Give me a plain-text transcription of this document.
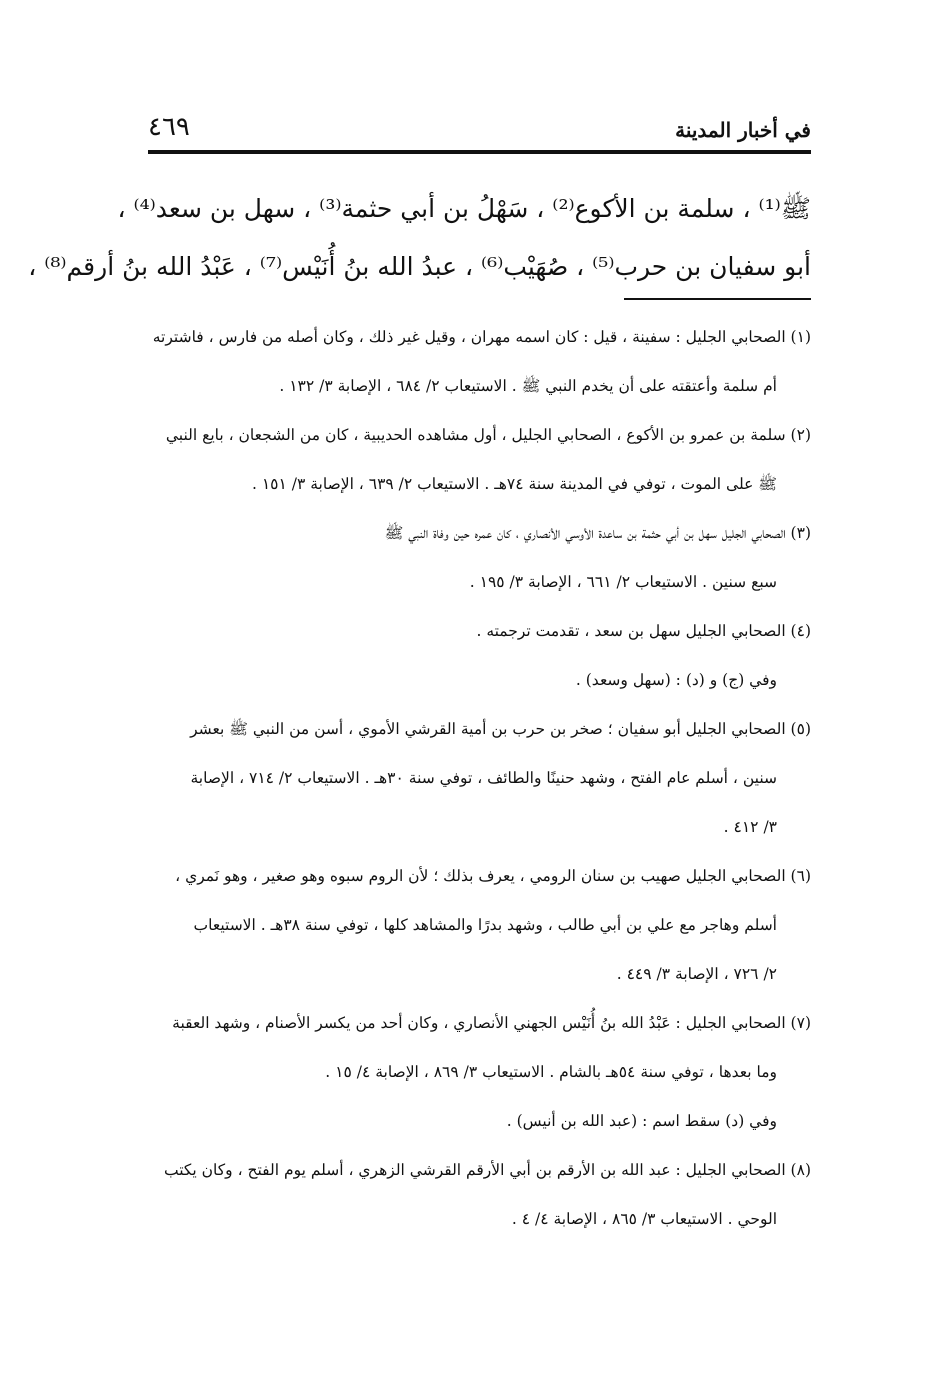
في أخبار المدينة
٤٦٩
ﷺ⁽¹⁾ ، سلمة بن الأكوع⁽²⁾ ، سَهْلُ بن أبي حثمة⁽³⁾ ، سهل بن سعد⁽⁴⁾ ،
أبو سفيان بن حرب⁽⁵⁾ ، صُهَيْب⁽⁶⁾ ، عبدُ الله بنُ أُنَيْس⁽⁷⁾ ، عَبْدُ الله بنُ أرقم⁽⁸⁾ ،
(١) الصحابي الجليل : سفينة ، قيل : كان اسمه مهران ، وقيل غير ذلك ، وكان أصله من فارس ، فاشترته
أم سلمة وأعتقته على أن يخدم النبي ﷺ . الاستيعاب ٢/ ٦٨٤ ، الإصابة ٣/ ١٣٢ .
(٢) سلمة بن عمرو بن الأكوع ، الصحابي الجليل ، أول مشاهده الحديبية ، كان من الشجعان ، بايع النبي
ﷺ على الموت ، توفي في المدينة سنة ٧٤هـ . الاستيعاب ٢/ ٦٣٩ ، الإصابة ٣/ ١٥١ .
(٣) الصحابي الجليل سهل بن أبي حثمة بن ساعدة الأوسي الأنصاري ، كان عمره حين وفاة النبي ﷺ
سبع سنين . الاستيعاب ٢/ ٦٦١ ، الإصابة ٣/ ١٩٥ .
(٤) الصحابي الجليل سهل بن سعد ، تقدمت ترجمته .
وفي (ج) و (د) : (سهل وسعد) .
(٥) الصحابي الجليل أبو سفيان ؛ صخر بن حرب بن أمية القرشي الأموي ، أسن من النبي ﷺ بعشر
سنين ، أسلم عام الفتح ، وشهد حنينًا والطائف ، توفي سنة ٣٠هـ . الاستيعاب ٢/ ٧١٤ ، الإصابة
٣/ ٤١٢ .
(٦) الصحابي الجليل صهيب بن سنان الرومي ، يعرف بذلك ؛ لأن الروم سبوه وهو صغير ، وهو نَمري ،
أسلم وهاجر مع علي بن أبي طالب ، وشهد بدرًا والمشاهد كلها ، توفي سنة ٣٨هـ . الاستيعاب
٢/ ٧٢٦ ، الإصابة ٣/ ٤٤٩ .
(٧) الصحابي الجليل : عَبْدُ الله بنُ أُنَيْس الجهني الأنصاري ، وكان أحد من يكسر الأصنام ، وشهد العقبة
وما بعدها ، توفي سنة ٥٤هـ بالشام . الاستيعاب ٣/ ٨٦٩ ، الإصابة ٤/ ١٥ .
وفي (د) سقط اسم : (عبد الله بن أنيس) .
(٨) الصحابي الجليل : عبد الله بن الأرقم بن أبي الأرقم القرشي الزهري ، أسلم يوم الفتح ، وكان يكتب
الوحي . الاستيعاب ٣/ ٨٦٥ ، الإصابة ٤/ ٤ .
